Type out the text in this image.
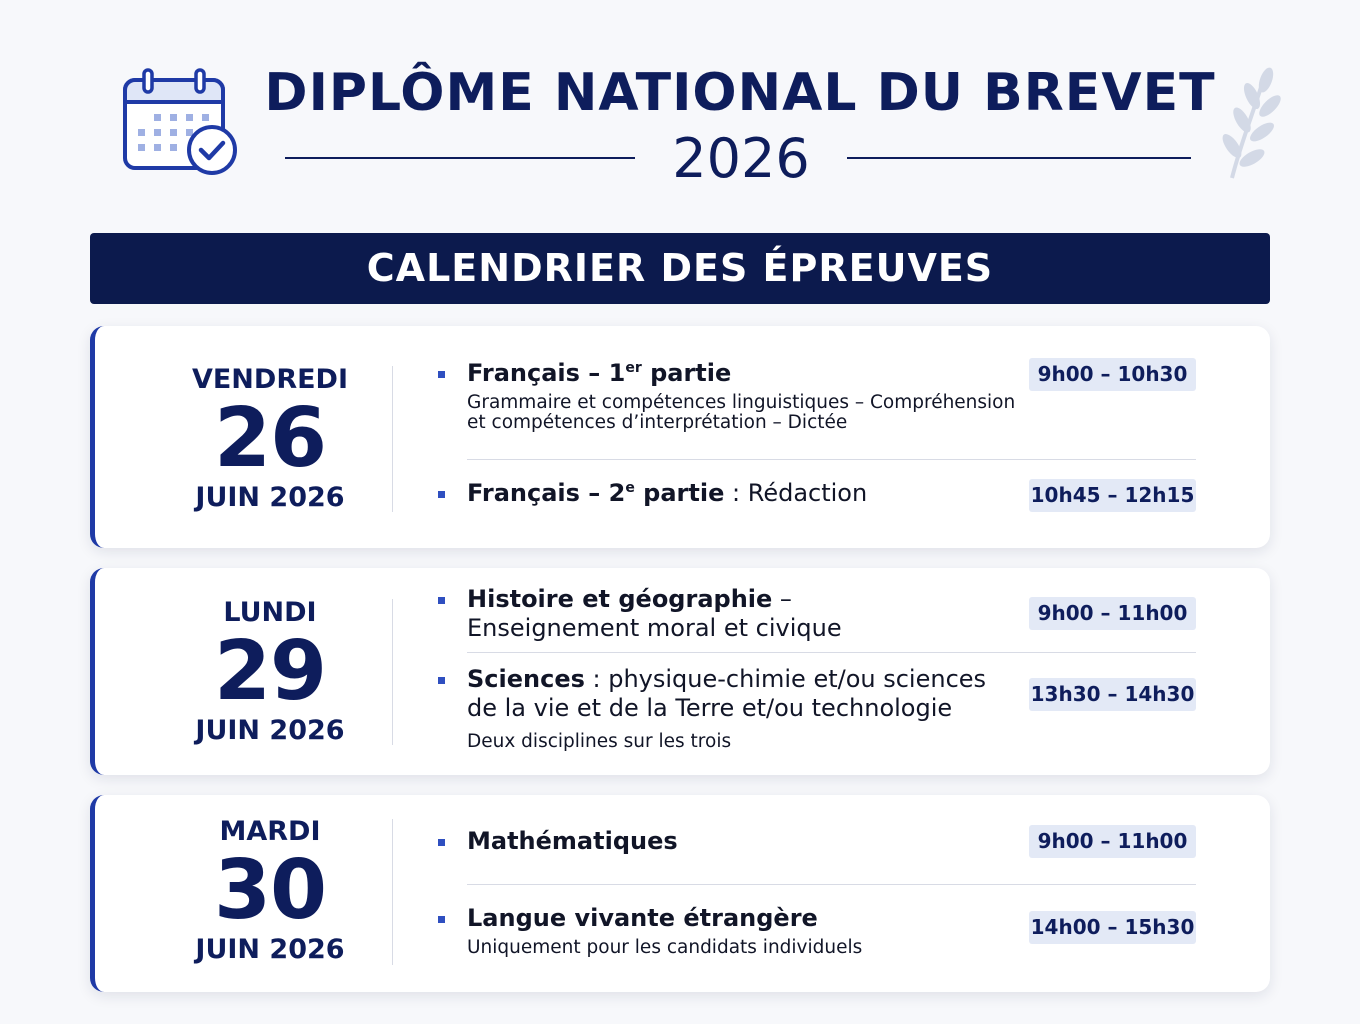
DIPLÔME NATIONAL DU BREVET
2026
CALENDRIER DES ÉPREUVES
VENDREDI
26
JUIN 2026
Français – 1er partie
Grammaire et compétences linguistiques – Compréhension
et compétences d’interprétation – Dictée
9h00 – 10h30
Français – 2e partie : Rédaction	10h45 – 12h15
LUNDI
29
JUIN 2026
Histoire et géographie –
Enseignement moral et civique
9h00 – 11h00
Sciences : physique-chimie et/ou sciences
de la vie et de la Terre et/ou technologie
Deux disciplines sur les trois
13h30 – 14h30
MARDI
30
JUIN 2026
Mathématiques	9h00 – 11h00
Langue vivante étrangère
Uniquement pour les candidats individuels
14h00 – 15h30
